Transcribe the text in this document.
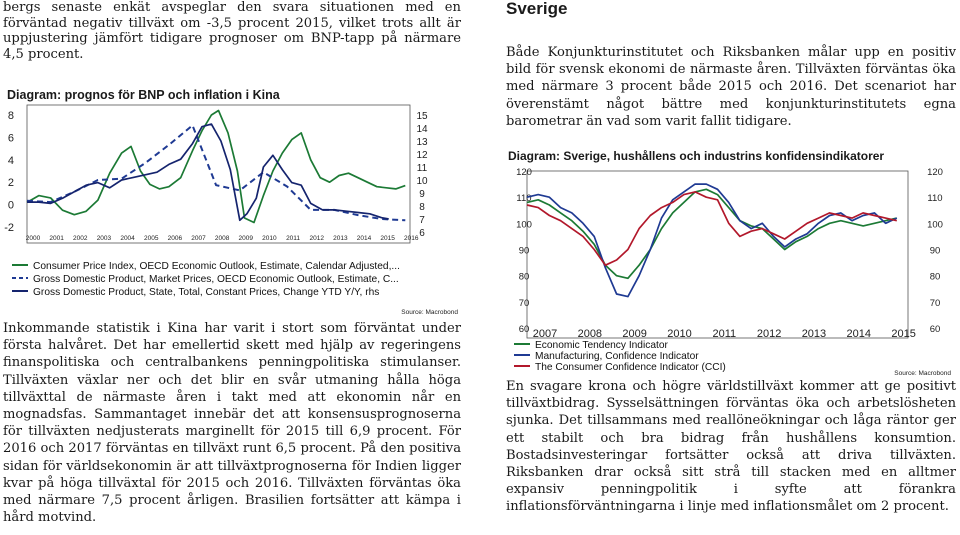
bergs senaste enkät avspeglar den svara situationen med en förväntad negativ tillväxt om -3,5 procent 2015, vilket trots allt är uppjustering jämfört tidigare prognoser om BNP-tapp på närmare 4,5 procent.

Diagram: prognos för BNP och inflation i Kina
8
6
4
2
0
-2
15
14
13
12
11
10
9
8
7
6
2000 2001 2002 2003 2004 2005 2006 2007 2008 2009 2010 2011 2012 2013 2014 2015 2016
Consumer Price Index, OECD Economic Outlook, Estimate, Calendar Adjusted,...
Gross Domestic Product, Market Prices, OECD Economic Outlook, Estimate, C...
Gross Domestic Product, State, Total, Constant Prices, Change YTD Y/Y, rhs
Source: Macrobond

Inkommande statistik i Kina har varit i stort som förväntat under första halvåret. Det har emellertid skett med hjälp av regeringens finanspolitiska och centralbankens penningpolitiska stimulanser. Tillväxten växlar ner och det blir en svår utmaning hålla höga tillväxttal de närmaste åren i takt med att ekonomin når en mognadsfas. Sammantaget innebär det att konsensusprognoserna för tillväxten nedjusterats marginellt för 2015 till 6,9 procent. För 2016 och 2017 förväntas en tillväxt runt 6,5 procent. På den positiva sidan för världsekonomin är att tillväxtprognoserna för Indien ligger kvar på höga tillväxtal för 2015 och 2016. Tillväxten förväntas öka med närmare 7,5 procent årligen. Brasilien fortsätter att kämpa i hård motvind.

Sverige

Både Konjunkturinstitutet och Riksbanken målar upp en positiv bild för svensk ekonomi de närmaste åren. Tillväxten förväntas öka med närmare 3 procent både 2015 och 2016. Det scenariot har överenstämt något bättre med konjunkturinstitutets egna barometrar än vad som varit fallit tidigare.

Diagram: Sverige, hushållens och industrins konfidensindikatorer
120	120
110	110
100	100
90	90
80	80
70	70
60	60
2007 2008 2009 2010 2011 2012 2013 2014 2015
Economic Tendency Indicator
Manufacturing, Confidence Indicator
The Consumer Confidence Indicator (CCI)
Source: Macrobond

En svagare krona och högre världstillväxt kommer att ge positivt tillväxtbidrag. Sysselsättningen förväntas öka och arbetslösheten sjunka. Det tillsammans med reallöneökningar och låga räntor ger ett stabilt och bra bidrag från hushållens konsumtion. Bostadsinvesteringar fortsätter också att driva tillväxten. Riksbanken drar också sitt strå till stacken med en alltmer expansiv penningpolitik i syfte att förankra inflationsförväntningarna i linje med inflationsmålet om 2 procent.
